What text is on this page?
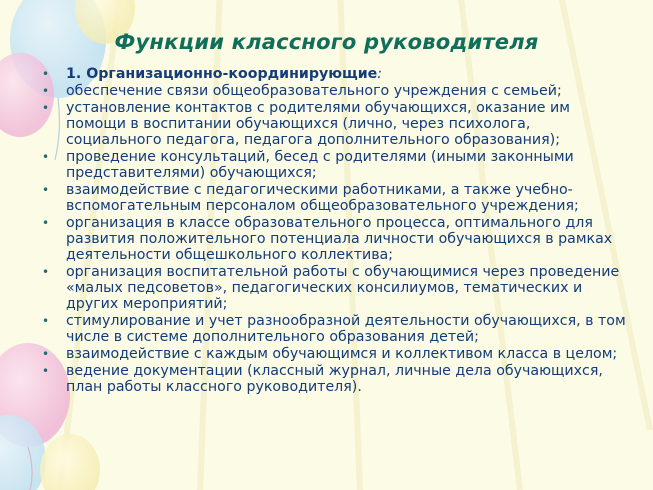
Функции классного руководителя
• 1. Организационно-координирующие:
• обеспечение связи общеобразовательного учреждения с семьей;
• установление контактов с родителями обучающихся, оказание им помощи в воспитании обучающихся (лично, через психолога, социального педагога, педагога дополнительного образования);
• проведение консультаций, бесед с родителями (иными законными представителями) обучающихся;
• взаимодействие с педагогическими работниками, а также учебно-вспомогательным персоналом общеобразовательного учреждения;
• организация в классе образовательного процесса, оптимального для развития положительного потенциала личности обучающихся в рамках деятельности общешкольного коллектива;
• организация воспитательной работы с обучающимися через проведение «малых педсоветов», педагогических консилиумов, тематических и других мероприятий;
• стимулирование и учет разнообразной деятельности обучающихся, в том числе в системе дополнительного образования детей;
• взаимодействие с каждым обучающимся и коллективом класса в целом;
• ведение документации (классный журнал, личные дела обучающихся, план работы классного руководителя).
